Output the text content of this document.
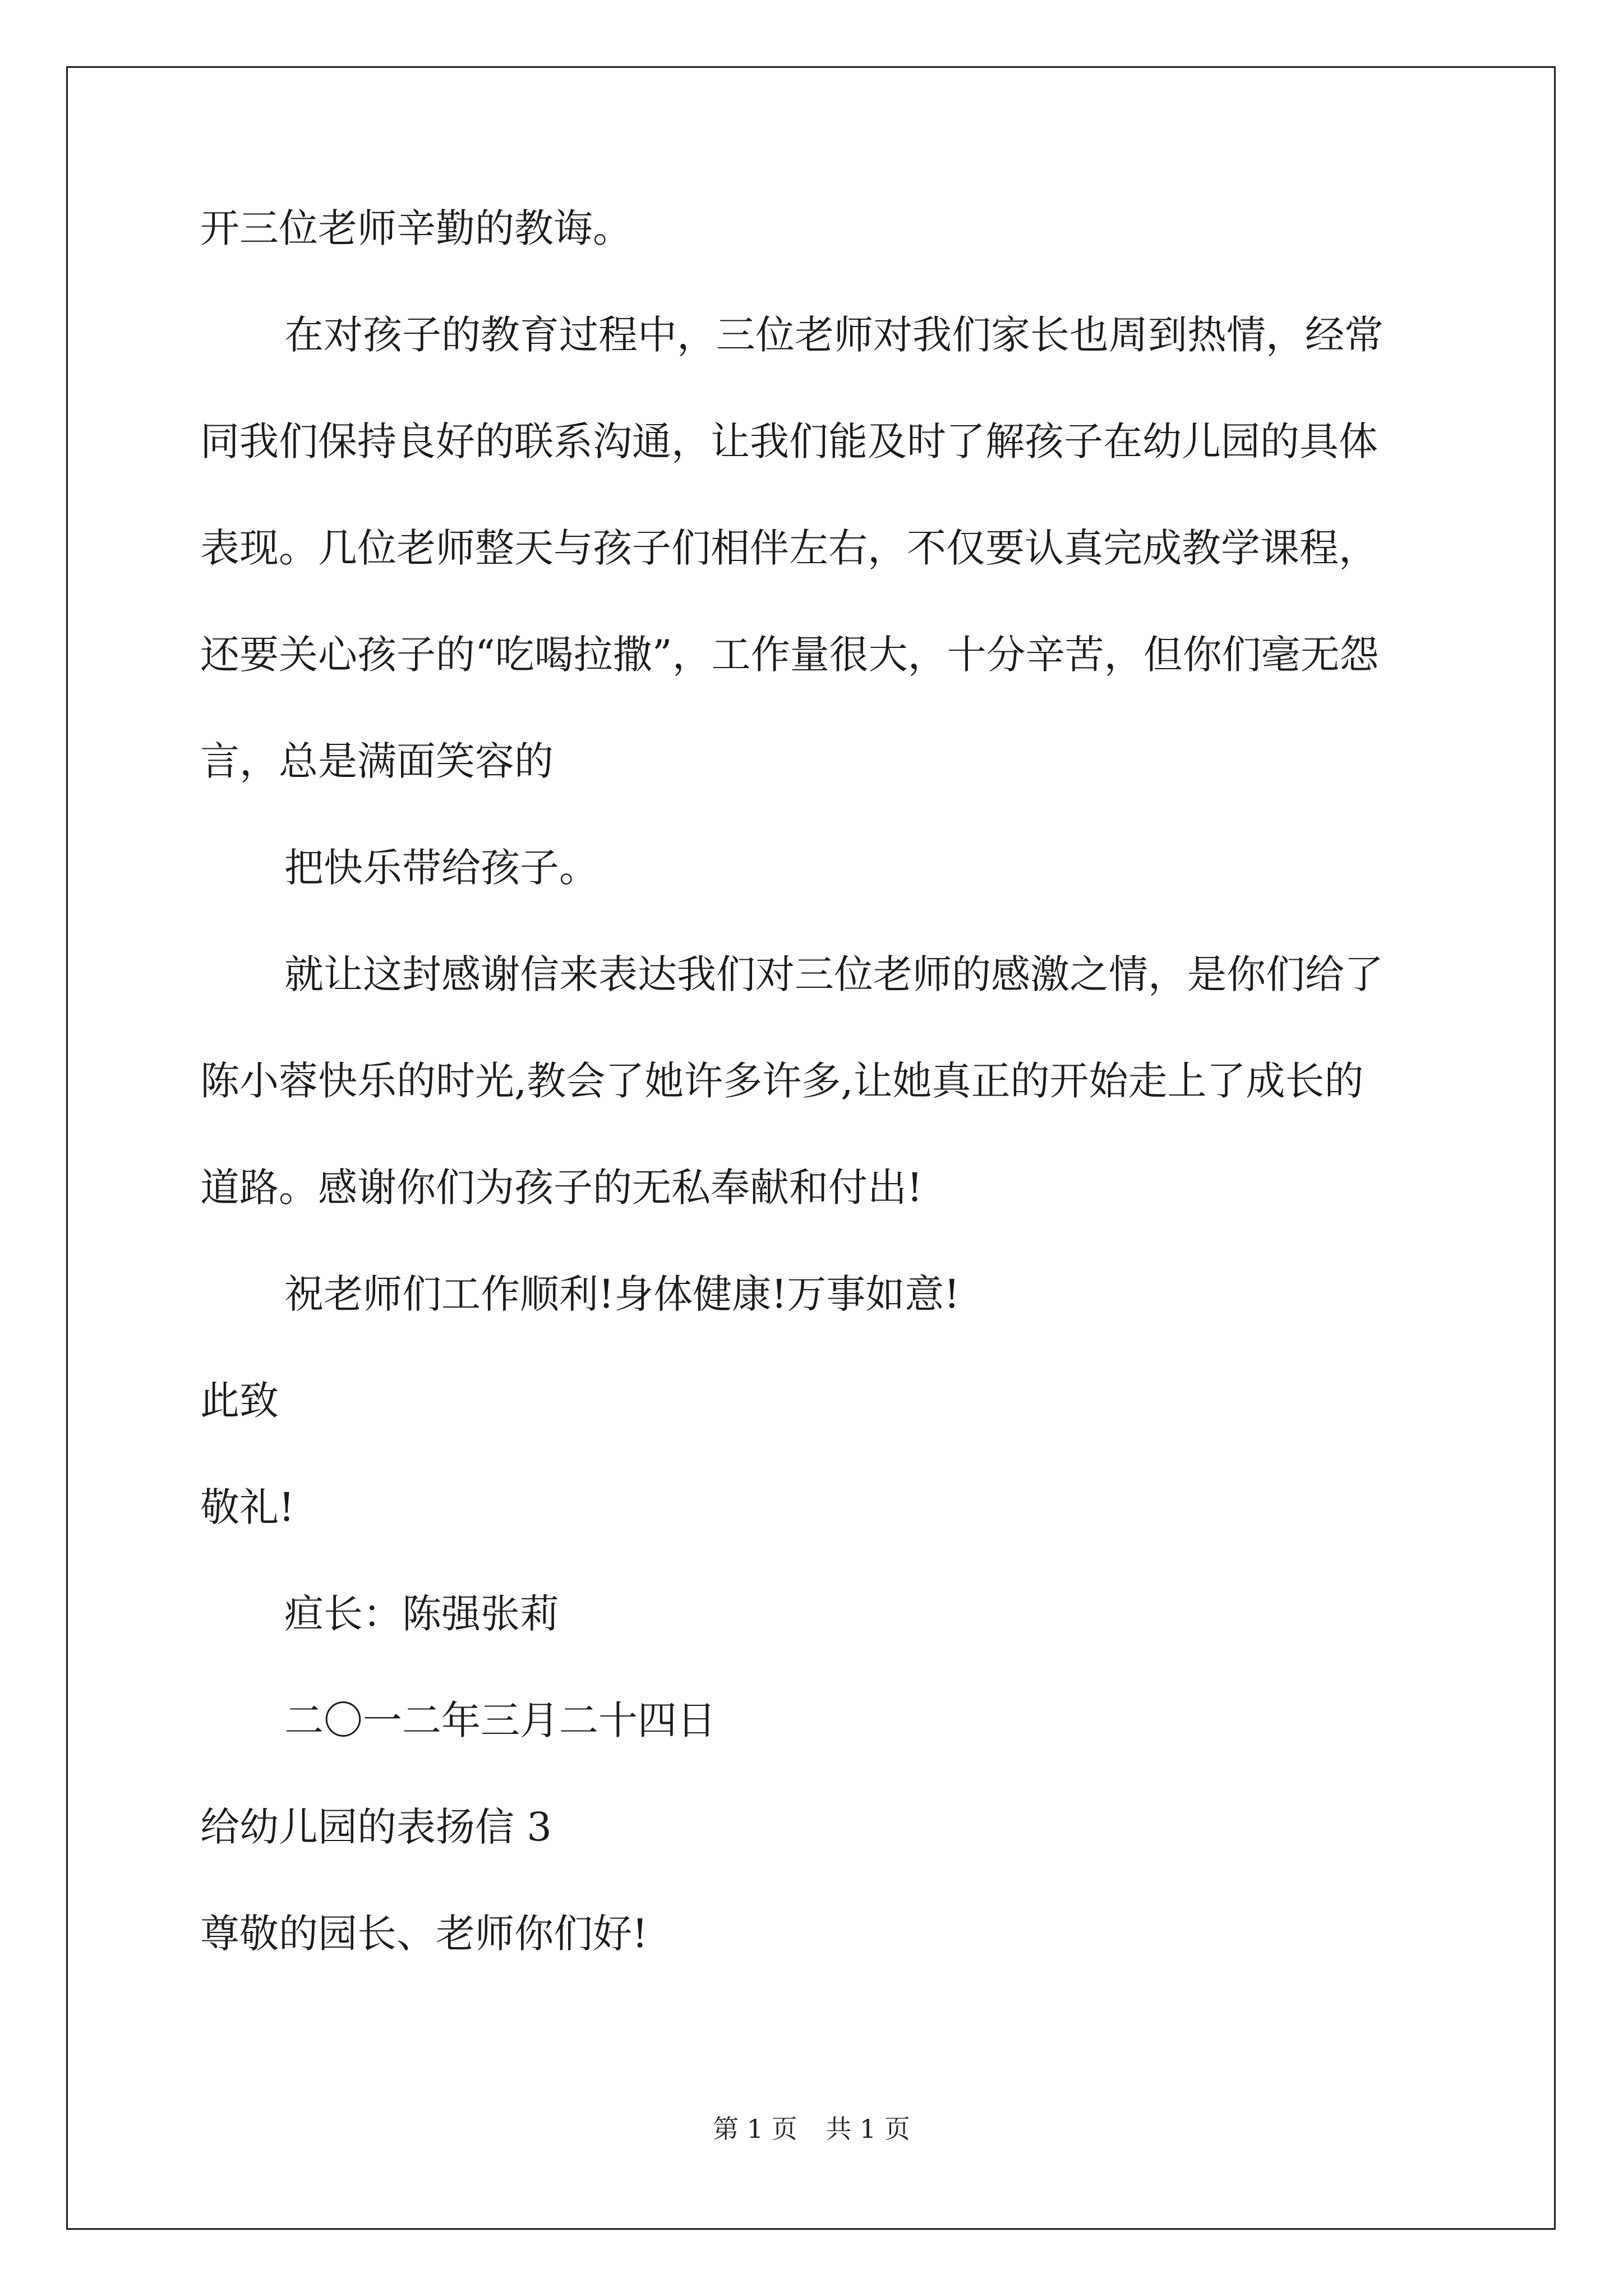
开三位老师辛勤的教诲。
在对孩子的教育过程中，三位老师对我们家长也周到热情，经常
同我们保持良好的联系沟通，让我们能及时了解孩子在幼儿园的具体
表现。几位老师整天与孩子们相伴左右，不仅要认真完成教学课程，
还要关心孩子的“吃喝拉撒”，工作量很大，十分辛苦，但你们毫无怨
言，总是满面笑容的
把快乐带给孩子。
就让这封感谢信来表达我们对三位老师的感激之情，是你们给了
陈小蓉快乐的时光,教会了她许多许多,让她真正的开始走上了成长的
道路。感谢你们为孩子的无私奉献和付出!
祝老师们工作顺利!身体健康!万事如意!
此致
敬礼!
疸长：陈强张莉
二〇一二年三月二十四日
给幼儿园的表扬信 3
尊敬的园长、老师你们好!
第 1 页 共 1 页
